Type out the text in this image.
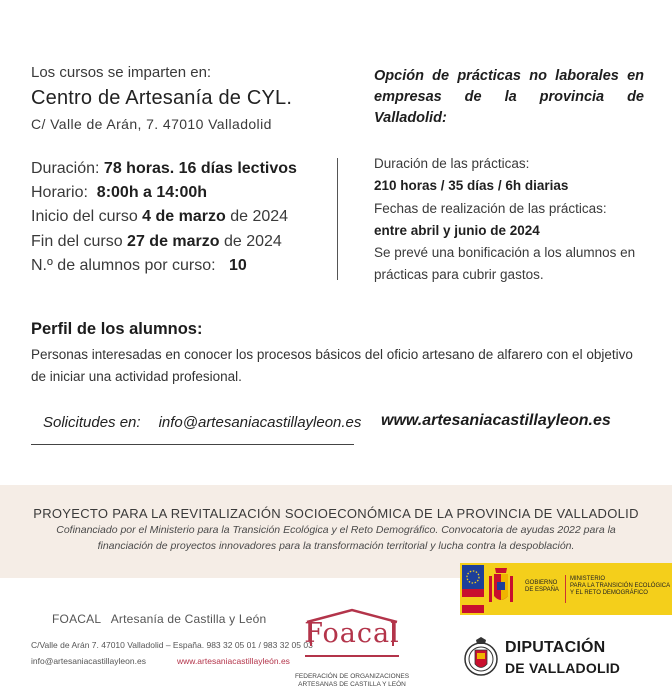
Los cursos se imparten en:
Centro de Artesanía de CYL.
C/ Valle de Arán, 7. 47010 Valladolid
Duración: 78 horas. 16 días lectivos
Horario:  8:00h a 14:00h
Inicio del curso 4 de marzo de 2024
Fin del curso 27 de marzo de 2024
N.º de alumnos por curso:   10
Opción de prácticas no laborales en empresas de la provincia de Valladolid:
Duración de las prácticas:
210 horas / 35 días / 6h diarias
Fechas de realización de las prácticas:
entre abril y junio de 2024
Se prevé una bonificación a los alumnos en
prácticas para cubrir gastos.
Perfil de los alumnos:
Personas interesadas en conocer los procesos básicos del oficio artesano de alfarero con el objetivo de iniciar una actividad profesional.
Solicitudes en: info@artesaniacastillayleon.es www.artesaniacastillayleon.es
PROYECTO PARA LA REVITALIZACIÓN SOCIOECONÓMICA DE LA PROVINCIA DE VALLADOLID
Cofinanciado por el Ministerio para la Transición Ecológica y el Reto Demográfico. Convocatoria de ayudas 2022 para la financiación de proyectos innovadores para la transformación territorial y lucha contra la despoblación.
GOBIERNO
DE ESPAÑA
MINISTERIO
PARA LA TRANSICIÓN ECOLÓGICA
Y EL RETO DEMOGRÁFICO
FOACAL   Artesanía de Castilla y León
C/Valle de Arán 7. 47010 Valladolid – España. 983 32 05 01 / 983 32 05 03
info@artesaniacastillayleon.es	www.artesaniacastillayleón.es
Foacal
FEDERACIÓN DE ORGANIZACIONES
ARTESANAS DE CASTILLA Y LEÓN
DIPUTACIÓN
DE VALLADOLID
